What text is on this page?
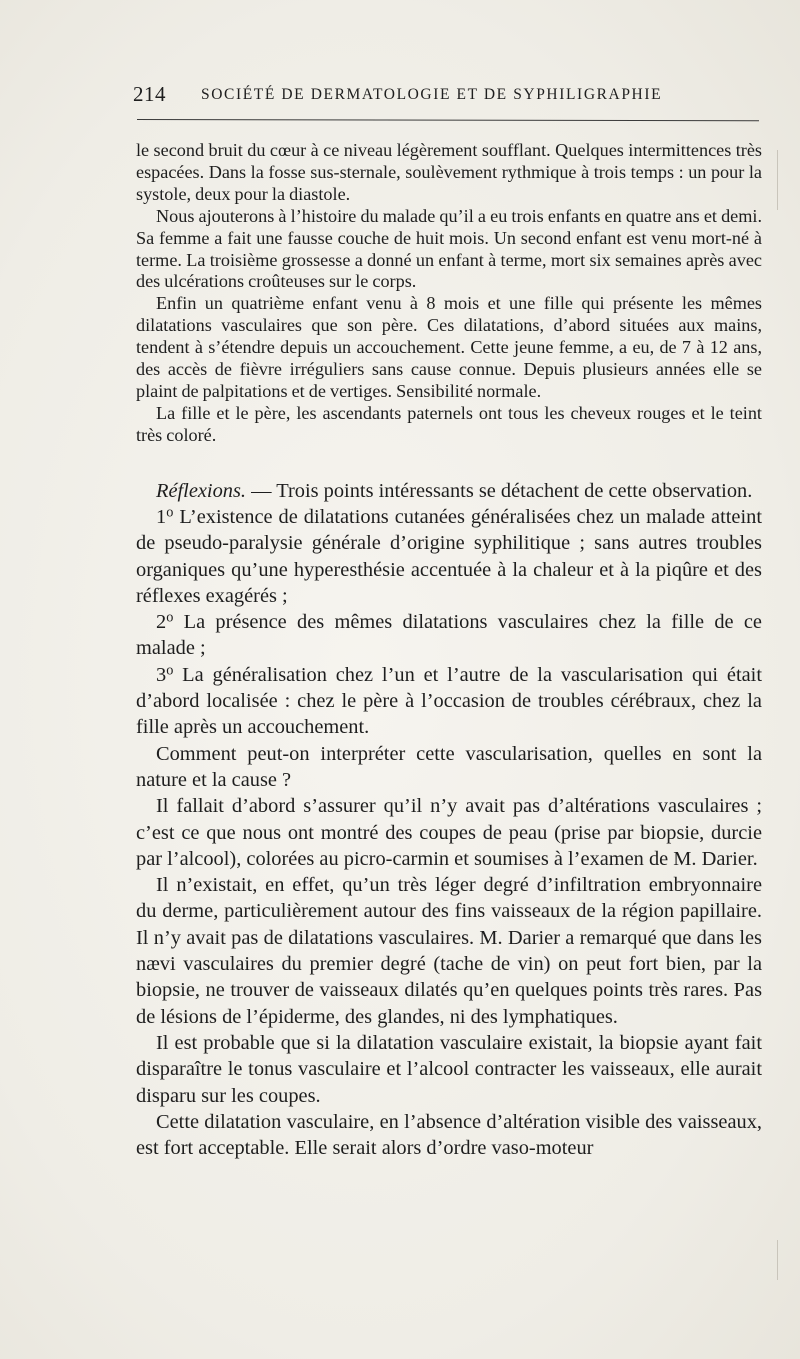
214 SOCIÉTÉ DE DERMATOLOGIE ET DE SYPHILIGRAPHIE

le second bruit du cœur à ce niveau légèrement soufflant. Quelques intermittences très espacées. Dans la fosse sus-sternale, soulèvement rythmique à trois temps : un pour la systole, deux pour la diastole.

Nous ajouterons à l’histoire du malade qu’il a eu trois enfants en quatre ans et demi. Sa femme a fait une fausse couche de huit mois. Un second enfant est venu mort-né à terme. La troisième grossesse a donné un enfant à terme, mort six semaines après avec des ulcérations croûteuses sur le corps.

Enfin un quatrième enfant venu à 8 mois et une fille qui présente les mêmes dilatations vasculaires que son père. Ces dilatations, d’abord situées aux mains, tendent à s’étendre depuis un accouchement. Cette jeune femme, a eu, de 7 à 12 ans, des accès de fièvre irréguliers sans cause connue. Depuis plusieurs années elle se plaint de palpitations et de vertiges. Sensibilité normale.

La fille et le père, les ascendants paternels ont tous les cheveux rouges et le teint très coloré.

Réflexions. — Trois points intéressants se détachent de cette observation.

1$^o$ L’existence de dilatations cutanées généralisées chez un malade atteint de pseudo-paralysie générale d’origine syphilitique ; sans autres troubles organiques qu’une hyperesthésie accentuée à la chaleur et à la piqûre et des réflexes exagérés ;

2$^o$ La présence des mêmes dilatations vasculaires chez la fille de ce malade ;

3$^o$ La généralisation chez l’un et l’autre de la vascularisation qui était d’abord localisée : chez le père à l’occasion de troubles cérébraux, chez la fille après un accouchement.

Comment peut-on interpréter cette vascularisation, quelles en sont la nature et la cause ?

Il fallait d’abord s’assurer qu’il n’y avait pas d’altérations vasculaires ; c’est ce que nous ont montré des coupes de peau (prise par biopsie, durcie par l’alcool), colorées au picro-carmin et soumises à l’examen de M. Darier.

Il n’existait, en effet, qu’un très léger degré d’infiltration embryonnaire du derme, particulièrement autour des fins vaisseaux de la région papillaire. Il n’y avait pas de dilatations vasculaires. M. Darier a remarqué que dans les nævi vasculaires du premier degré (tache de vin) on peut fort bien, par la biopsie, ne trouver de vaisseaux dilatés qu’en quelques points très rares. Pas de lésions de l’épiderme, des glandes, ni des lymphatiques.

Il est probable que si la dilatation vasculaire existait, la biopsie ayant fait disparaître le tonus vasculaire et l’alcool contracter les vaisseaux, elle aurait disparu sur les coupes.

Cette dilatation vasculaire, en l’absence d’altération visible des vaisseaux, est fort acceptable. Elle serait alors d’ordre vaso-moteur
